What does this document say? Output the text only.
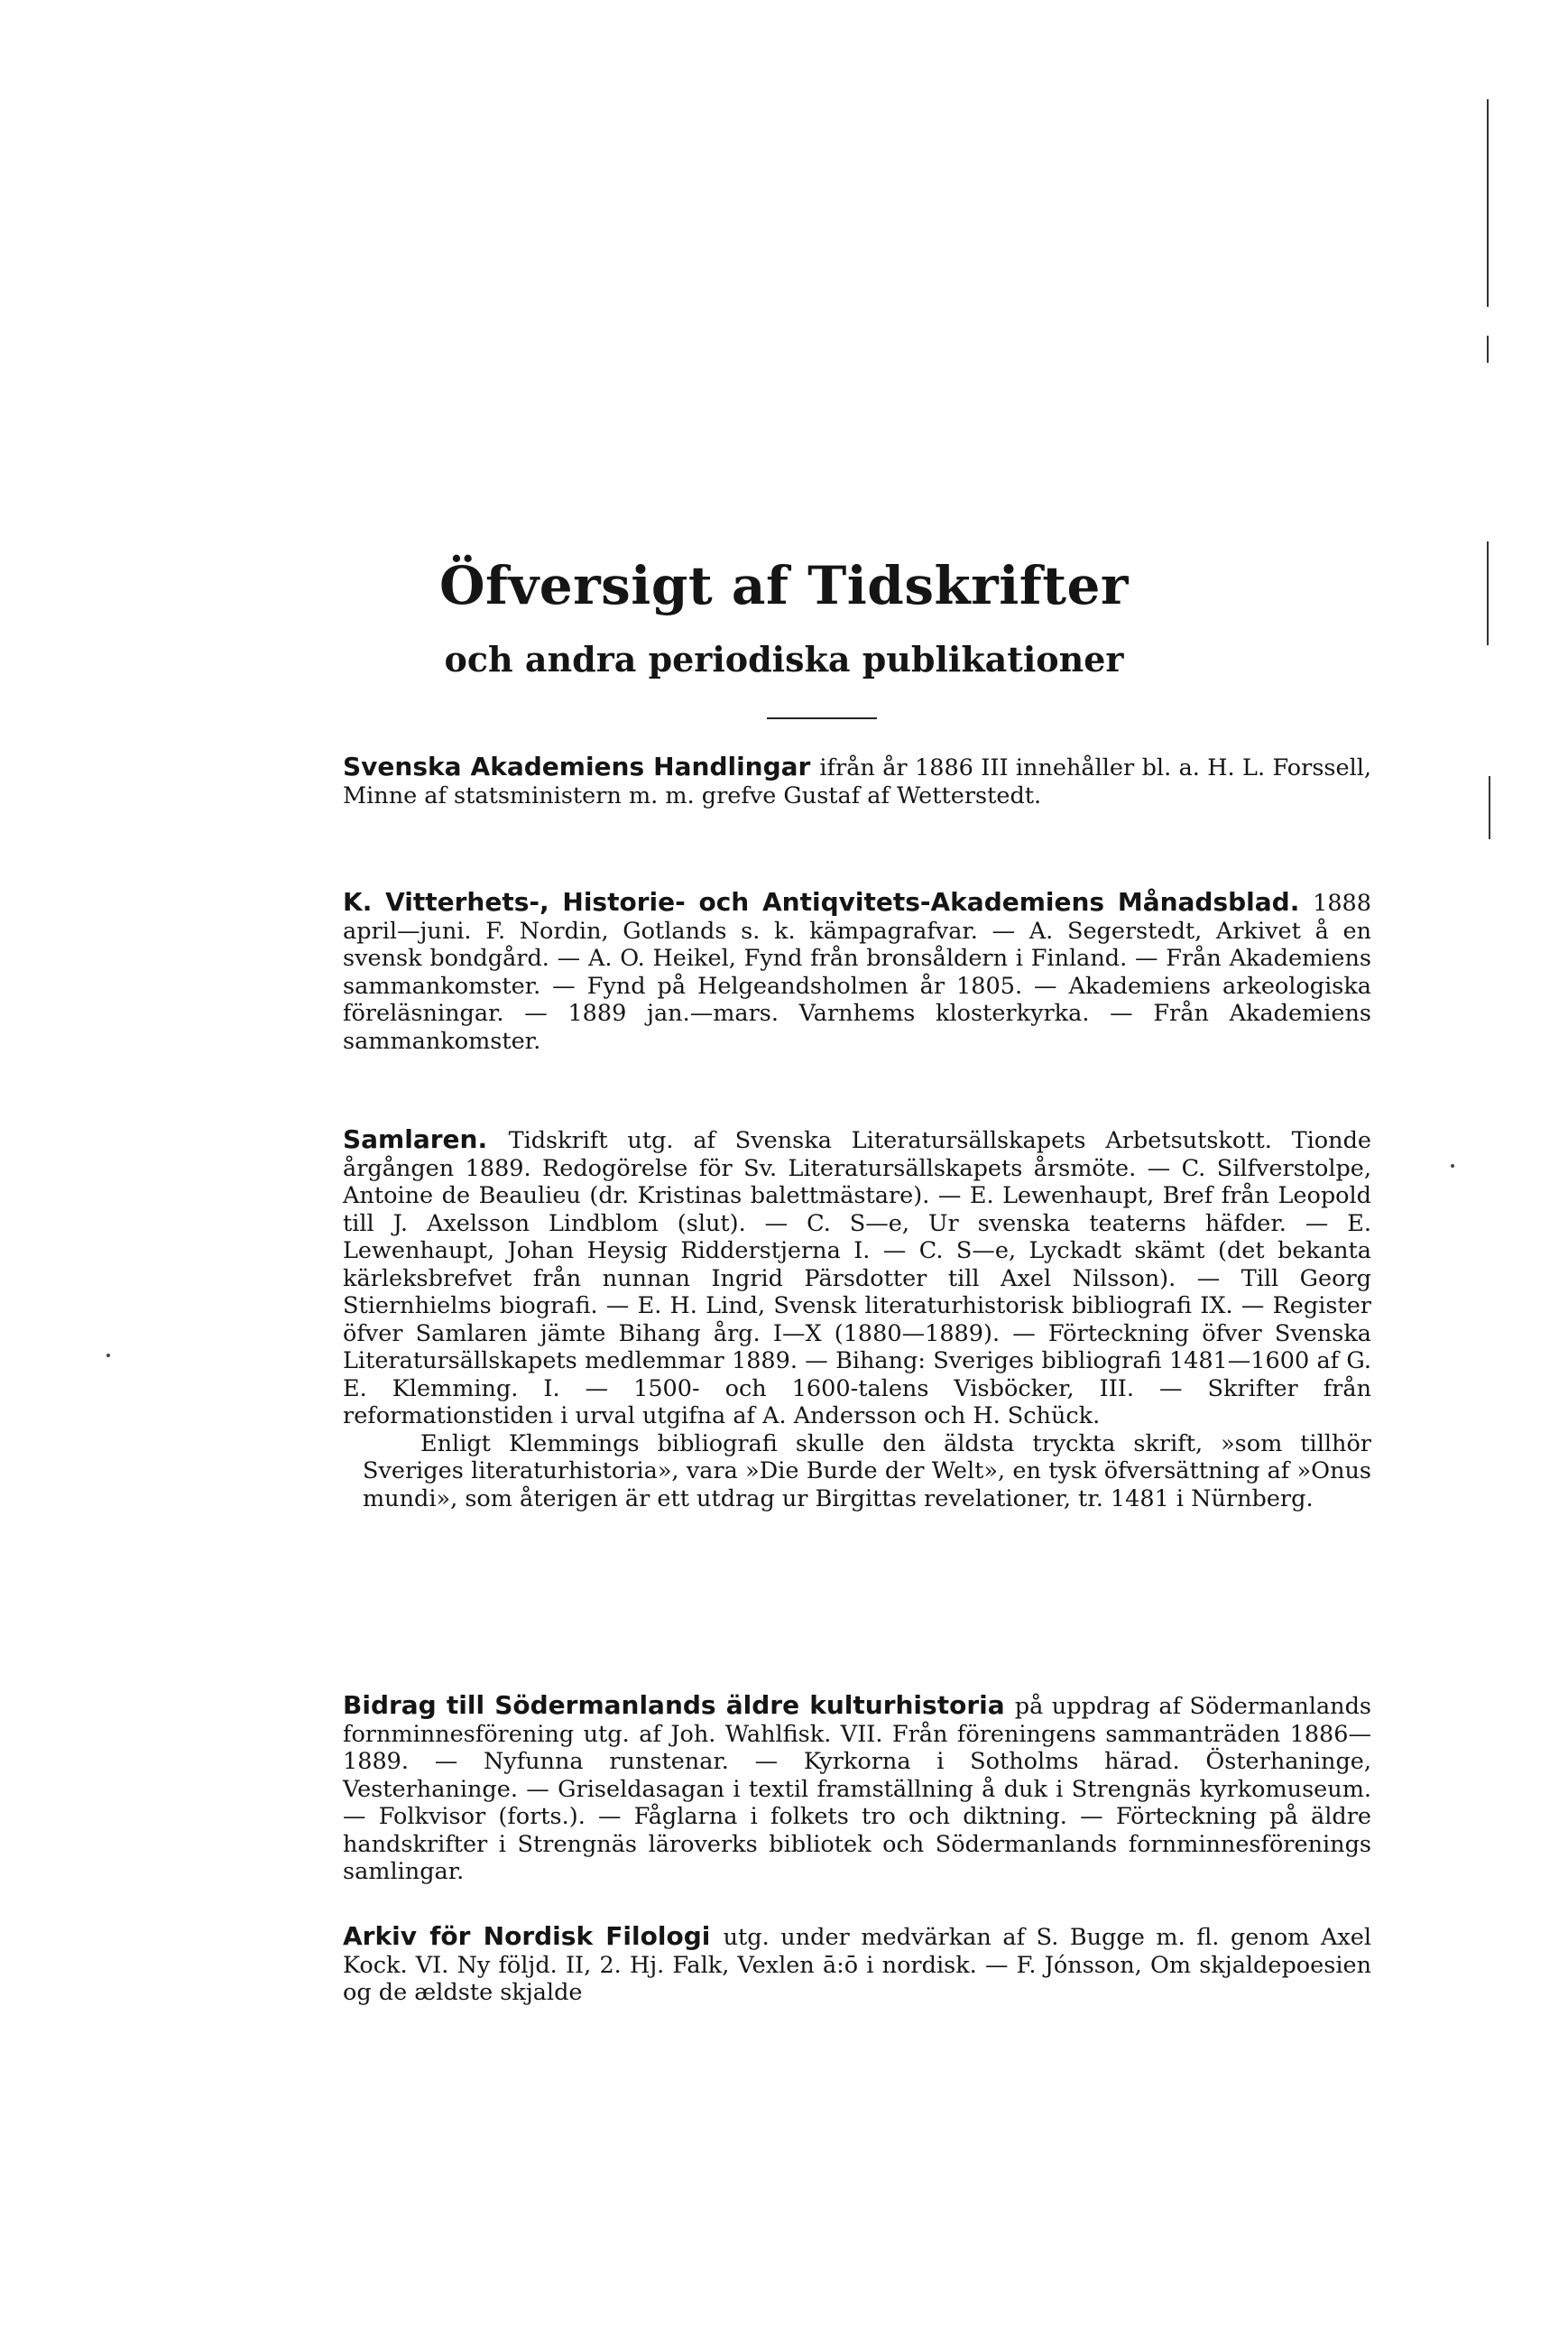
Öfversigt af Tidskrifter
och andra periodiska publikationer
Svenska Akademiens Handlingar ifrån år 1886 III innehåller bl. a. H. L. Forssell, Minne af statsministern m. m. grefve Gustaf af Wetterstedt.
K. Vitterhets-, Historie- och Antiqvitets-Akademiens Månadsblad. 1888 april—juni. F. Nordin, Gotlands s. k. kämpagrafvar. — A. Segerstedt, Arkivet å en svensk bondgård. — A. O. Heikel, Fynd från bronsåldern i Finland. — Från Akademiens sammankomster. — Fynd på Helgeandsholmen år 1805. — Akademiens arkeologiska föreläsningar. — 1889 jan.—mars. Varnhems klosterkyrka. — Från Akademiens sammankomster.
Samlaren. Tidskrift utg. af Svenska Literatursällskapets Arbetsutskott. Tionde årgången 1889. Redogörelse för Sv. Literatursällskapets årsmöte. — C. Silfverstolpe, Antoine de Beaulieu (dr. Kristinas balettmästare). — E. Lewenhaupt, Bref från Leopold till J. Axelsson Lindblom (slut). — C. S—e, Ur svenska teaterns häfder. — E. Lewenhaupt, Johan Heysig Ridderstjerna I. — C. S—e, Lyckadt skämt (det bekanta kärleksbrefvet från nunnan Ingrid Pärsdotter till Axel Nilsson). — Till Georg Stiernhielms biografi. — E. H. Lind, Svensk literaturhistorisk bibliografi IX. — Register öfver Samlaren jämte Bihang årg. I—X (1880—1889). — Förteckning öfver Svenska Literatursällskapets medlemmar 1889. — Bihang: Sveriges bibliografi 1481—1600 af G. E. Klemming. I. — 1500- och 1600-talens Visböcker, III. — Skrifter från reformationstiden i urval utgifna af A. Andersson och H. Schück.
Enligt Klemmings bibliografi skulle den äldsta tryckta skrift, »som tillhör Sveriges literaturhistoria», vara »Die Burde der Welt», en tysk öfversättning af »Onus mundi», som återigen är ett utdrag ur Birgittas revelationer, tr. 1481 i Nürnberg.
Bidrag till Södermanlands äldre kulturhistoria på uppdrag af Södermanlands fornminnesförening utg. af Joh. Wahlfisk. VII. Från föreningens sammanträden 1886—1889. — Nyfunna runstenar. — Kyrkorna i Sotholms härad. Österhaninge, Vesterhaninge. — Griseldasagan i textil framställning å duk i Strengnäs kyrkomuseum. — Folkvisor (forts.). — Fåglarna i folkets tro och diktning. — Förteckning på äldre handskrifter i Strengnäs läroverks bibliotek och Södermanlands fornminnesförenings samlingar.
Arkiv för Nordisk Filologi utg. under medvärkan af S. Bugge m. fl. genom Axel Kock. VI. Ny följd. II, 2. Hj. Falk, Vexlen ā:ō i nordisk. — F. Jónsson, Om skjaldepoesien og de ældste skjalde
